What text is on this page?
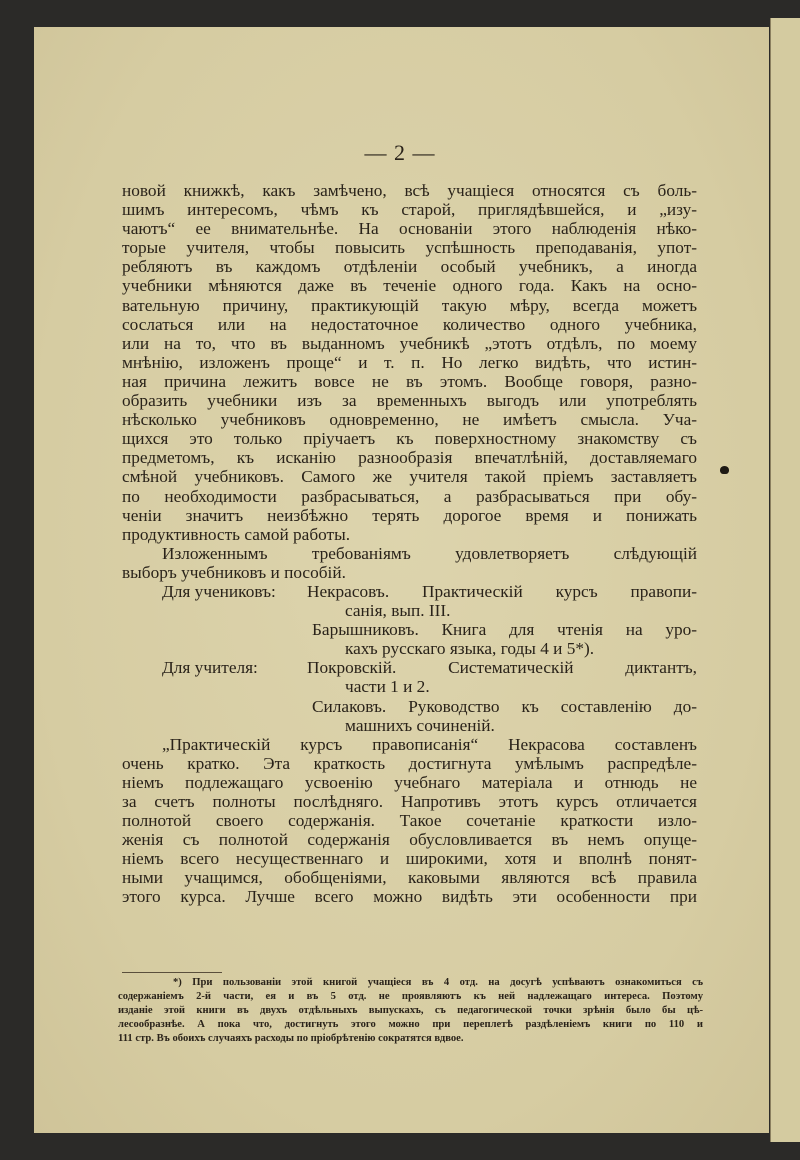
— 2 —
новой книжкѣ, какъ замѣчено, всѣ учащіеся относятся съ боль-
шимъ интересомъ, чѣмъ къ старой, приглядѣвшейся, и „изу-
чаютъ“ ее внимательнѣе. На основаніи этого наблюденія нѣко-
торые учителя, чтобы повысить успѣшность преподаванія, упот-
ребляютъ въ каждомъ отдѣленіи особый учебникъ, а иногда
учебники мѣняются даже въ теченіе одного года. Какъ на осно-
вательную причину, практикующій такую мѣру, всегда можетъ
сослаться или на недостаточное количество одного учебника,
или на то, что въ выданномъ учебникѣ „этотъ отдѣлъ, по моему
мнѣнію, изложенъ проще“ и т. п. Но легко видѣть, что истин-
ная причина лежитъ вовсе не въ этомъ. Вообще говоря, разно-
образить учебники изъ за временныхъ выгодъ или употреблять
нѣсколько учебниковъ одновременно, не имѣетъ смысла. Уча-
щихся это только пріучаетъ къ поверхностному знакомству съ
предметомъ, къ исканію разнообразія впечатлѣній, доставляемаго
смѣной учебниковъ. Самого же учителя такой пріемъ заставляетъ
по необходимости разбрасываться, а разбрасываться при обу-
ченіи значитъ неизбѣжно терять дорогое время и понижать
продуктивность самой работы.
Изложеннымъ требованіямъ удовлетворяетъ слѣдующій
выборъ учебниковъ и пособій.
Для учениковъ:	Некрасовъ. Практическій курсъ правопи-
санія, вып. III.
Барышниковъ. Книга для чтенія на уро-
кахъ русскаго языка, годы 4 и 5*).
Для учителя:	Покровскій. Систематическій диктантъ,
части 1 и 2.
Силаковъ. Руководство къ составленію до-
машнихъ сочиненій.
„Практическій курсъ правописанія“ Некрасова составленъ
очень кратко. Эта краткость достигнута умѣлымъ распредѣле-
ніемъ подлежащаго усвоенію учебнаго матеріала и отнюдь не
за счетъ полноты послѣдняго. Напротивъ этотъ курсъ отличается
полнотой своего содержанія. Такое сочетаніе краткости изло-
женія съ полнотой содержанія обусловливается въ немъ опуще-
ніемъ всего несущественнаго и широкими, хотя и вполнѣ понят-
ными учащимся, обобщеніями, каковыми являются всѣ правила
этого курса. Лучше всего можно видѣть эти особенности при
*) При пользованіи этой книгой учащіеся въ 4 отд. на досугѣ успѣваютъ ознакомиться съ
содержаніемъ 2-й части, ея и въ 5 отд. не проявляютъ къ ней надлежащаго интереса. Поэтому
изданіе этой книги въ двухъ отдѣльныхъ выпускахъ, съ педагогической точки зрѣнія было бы цѣ-
лесообразнѣе. А пока что, достигнуть этого можно при переплетѣ раздѣленіемъ книги по 110 и
111 стр. Въ обоихъ случаяхъ расходы по пріобрѣтенію сократятся вдвое.
